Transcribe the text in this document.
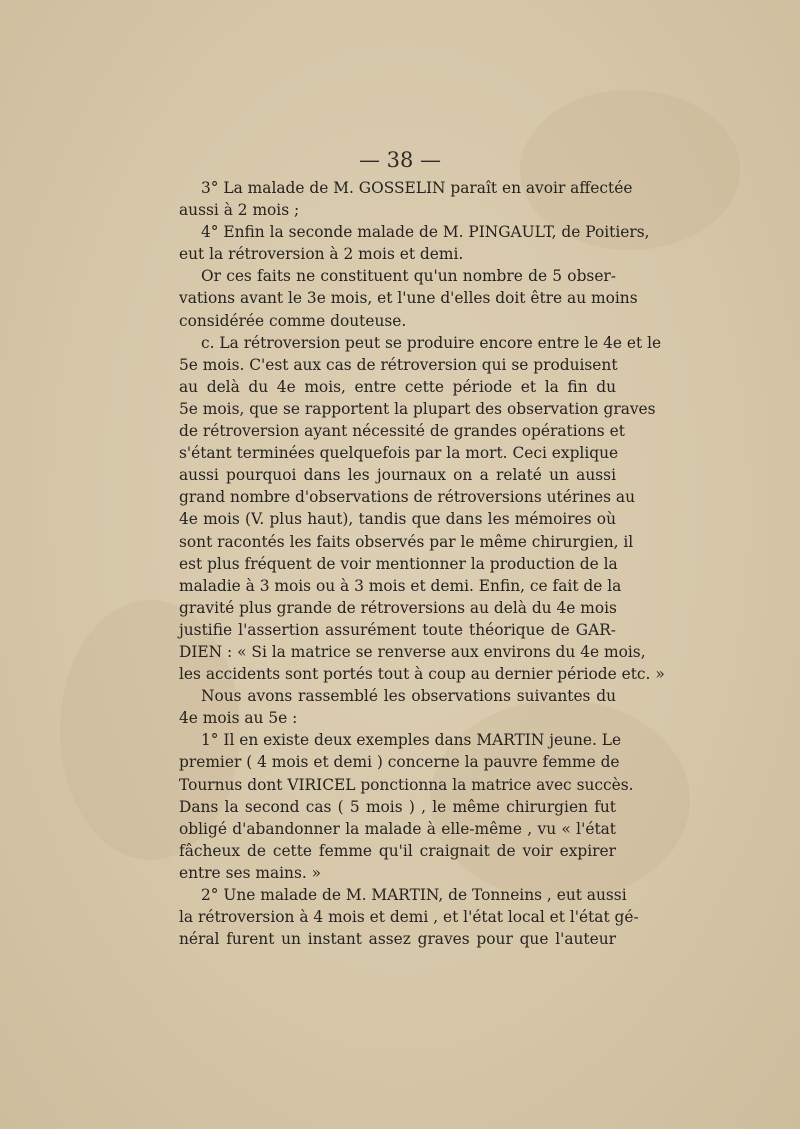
— 38 —
3° La malade de M. GOSSELIN paraît en avoir affectée
aussi à 2 mois ;
4° Enfin la seconde malade de M. PINGAULT, de Poitiers,
eut la rétroversion à 2 mois et demi.
Or ces faits ne constituent qu'un nombre de 5 obser-
vations avant le 3e mois, et l'une d'elles doit être au moins
considérée comme douteuse.
c. La rétroversion peut se produire encore entre le 4e et le
5e mois. C'est aux cas de rétroversion qui se produisent
au delà du 4e mois, entre cette période et la fin du
5e mois, que se rapportent la plupart des observation graves
de rétroversion ayant nécessité de grandes opérations et
s'étant terminées quelquefois par la mort. Ceci explique
aussi pourquoi dans les journaux on a relaté un aussi
grand nombre d'observations de rétroversions utérines au
4e mois (V. plus haut), tandis que dans les mémoires où
sont racontés les faits observés par le même chirurgien, il
est plus fréquent de voir mentionner la production de la
maladie à 3 mois ou à 3 mois et demi. Enfin, ce fait de la
gravité plus grande de rétroversions au delà du 4e mois
justifie l'assertion assurément toute théorique de GAR-
DIEN : « Si la matrice se renverse aux environs du 4e mois,
les accidents sont portés tout à coup au dernier période etc. »
Nous avons rassemblé les observations suivantes du
4e mois au 5e :
1° Il en existe deux exemples dans MARTIN jeune. Le
premier ( 4 mois et demi ) concerne la pauvre femme de
Tournus dont VIRICEL ponctionna la matrice avec succès.
Dans la second cas ( 5 mois ) , le même chirurgien fut
obligé d'abandonner la malade à elle-même , vu « l'état
fâcheux de cette femme qu'il craignait de voir expirer
entre ses mains. »
2° Une malade de M. MARTIN, de Tonneins , eut aussi
la rétroversion à 4 mois et demi , et l'état local et l'état gé-
néral furent un instant assez graves pour que l'auteur
